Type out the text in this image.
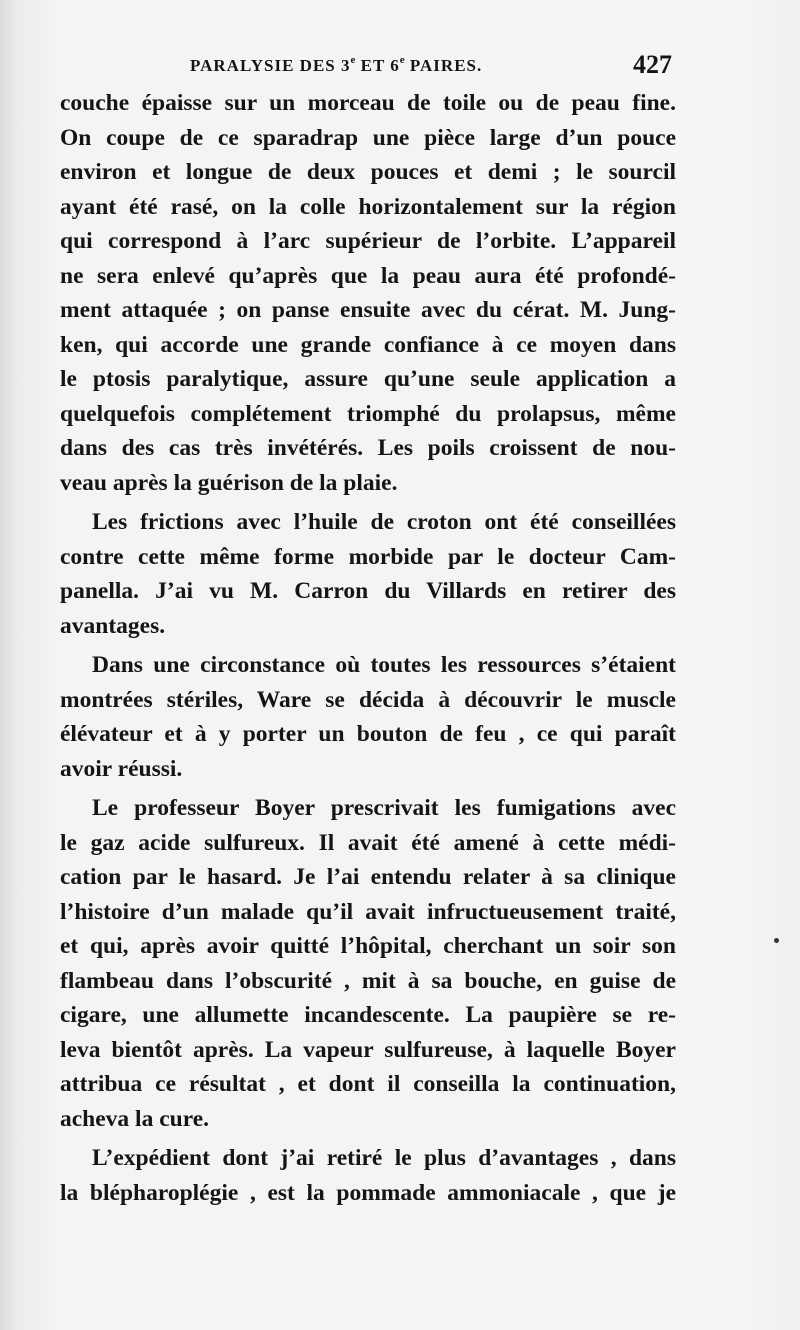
PARALYSIE DES 3e ET 6e PAIRES.	427
couche épaisse sur un morceau de toile ou de peau fine.
On coupe de ce sparadrap une pièce large d’un pouce
environ et longue de deux pouces et demi ; le sourcil
ayant été rasé, on la colle horizontalement sur la région
qui correspond à l’arc supérieur de l’orbite. L’appareil
ne sera enlevé qu’après que la peau aura été profondé-
ment attaquée ; on panse ensuite avec du cérat. M. Jung-
ken, qui accorde une grande confiance à ce moyen dans
le ptosis paralytique, assure qu’une seule application a
quelquefois complétement triomphé du prolapsus, même
dans des cas très invétérés. Les poils croissent de nou-
veau après la guérison de la plaie.
Les frictions avec l’huile de croton ont été conseillées
contre cette même forme morbide par le docteur Cam-
panella. J’ai vu M. Carron du Villards en retirer des
avantages.
Dans une circonstance où toutes les ressources s’étaient
montrées stériles, Ware se décida à découvrir le muscle
élévateur et à y porter un bouton de feu , ce qui paraît
avoir réussi.
Le professeur Boyer prescrivait les fumigations avec
le gaz acide sulfureux. Il avait été amené à cette médi-
cation par le hasard. Je l’ai entendu relater à sa clinique
l’histoire d’un malade qu’il avait infructueusement traité,
et qui, après avoir quitté l’hôpital, cherchant un soir son
flambeau dans l’obscurité , mit à sa bouche, en guise de
cigare, une allumette incandescente. La paupière se re-
leva bientôt après. La vapeur sulfureuse, à laquelle Boyer
attribua ce résultat , et dont il conseilla la continuation,
acheva la cure.
L’expédient dont j’ai retiré le plus d’avantages , dans
la blépharoplégie , est la pommade ammoniacale , que je
